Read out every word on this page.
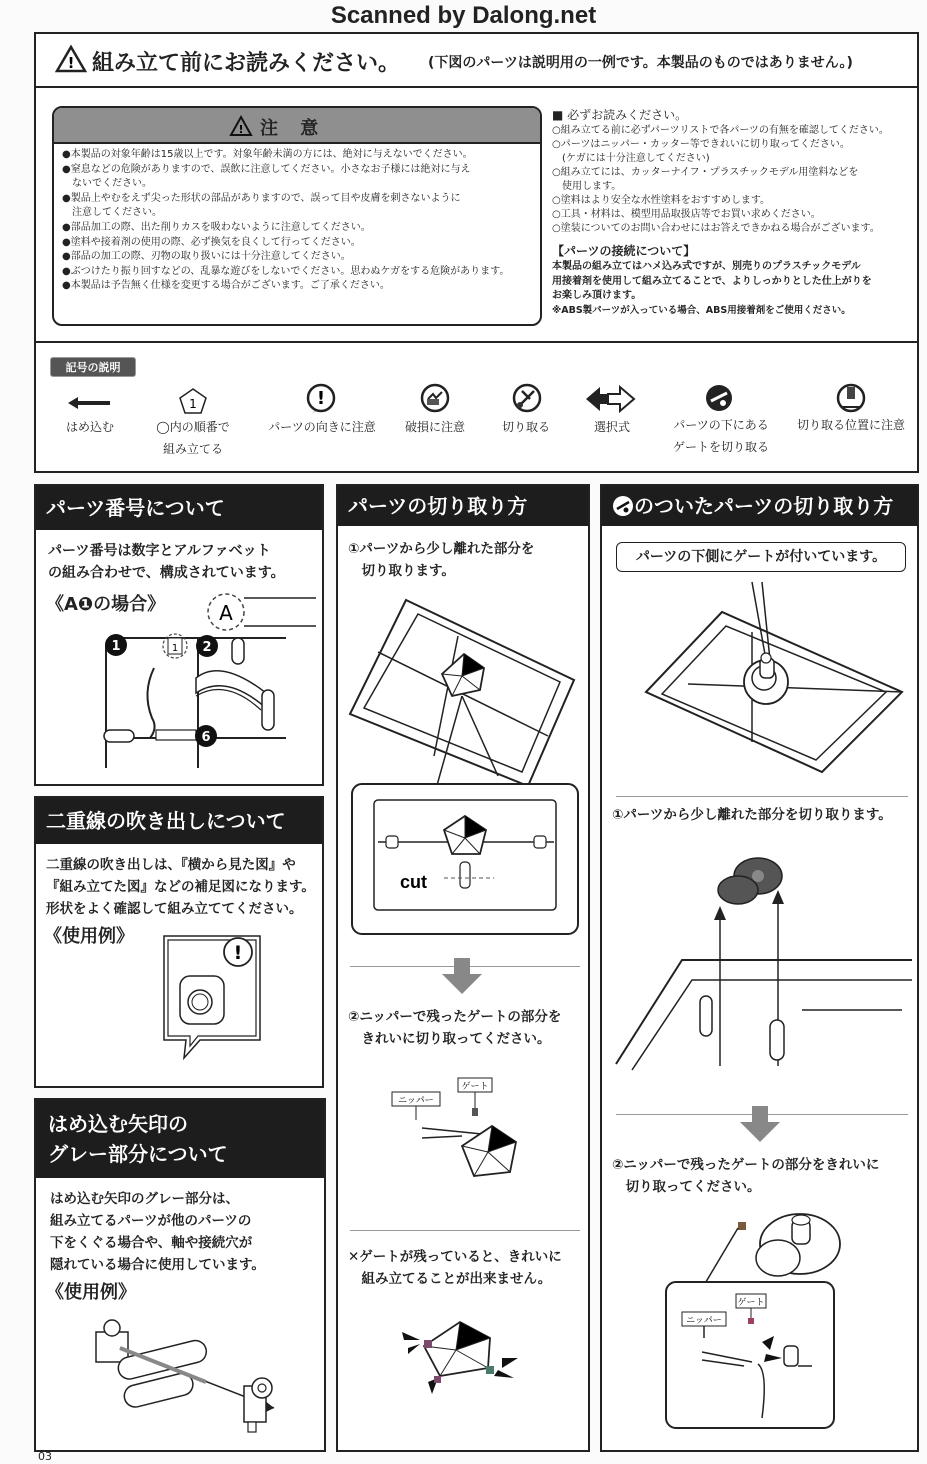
Scanned by Dalong.net
! 組み立て前にお読みください。 (下図のパーツは説明用の一例です。本製品のものではありません。)
! 注 意
●本製品の対象年齢は15歳以上です。対象年齢未満の方には、絶対に与えないでください。
●窒息などの危険がありますので、誤飲に注意してください。小さなお子様には絶対に与え
　ないでください。
●製品上やむをえず尖った形状の部品がありますので、誤って目や皮膚を刺さないように
　注意してください。
●部品加工の際、出た削りカスを吸わないように注意してください。
●塗料や接着剤の使用の際、必ず換気を良くして行ってください。
●部品の加工の際、刃物の取り扱いには十分注意してください。
●ぶつけたり振り回すなどの、乱暴な遊びをしないでください。思わぬケガをする危険があります。
●本製品は予告無く仕様を変更する場合がございます。ご了承ください。
■ 必ずお読みください。
○組み立てる前に必ずパーツリストで各パーツの有無を確認してください。
○パーツはニッパー・カッター等できれいに切り取ってください。
　(ケガには十分注意してください)
○組み立てには、カッターナイフ・プラスチックモデル用塗料などを
　使用します。
○塗料はより安全な水性塗料をおすすめします。
○工具・材料は、模型用品取扱店等でお買い求めください。
○塗装についてのお問い合わせにはお答えできかねる場合がございます。
【パーツの接続について】
本製品の組み立てはハメ込み式ですが、別売りのプラスチックモデル
用接着剤を使用して組み立てることで、よりしっかりとした仕上がりを
お楽しみ頂けます。
※ABS製パーツが入っている場合、ABS用接着剤をご使用ください。
記号の説明
1	!
はめ込む	◯内の順番で
組み立てる
パーツの向きに注意	破損に注意	切り取る	選択式	パーツの下にある
ゲートを切り取る
切り取る位置に注意
パーツ番号について
パーツ番号は数字とアルファベット
の組み合わせで、構成されています。
《A❶の場合》	A
1	2
6
1
二重線の吹き出しについて
二重線の吹き出しは、『横から見た図』や
『組み立てた図』などの補足図になります。
形状をよく確認して組み立ててください。
《使用例》
!
はめ込む矢印の
グレー部分について
はめ込む矢印のグレー部分は、
組み立てるパーツが他のパーツの
下をくぐる場合や、軸や接続穴が
隠れている場合に使用しています。
《使用例》
03
パーツの切り取り方
①パーツから少し離れた部分を
　切り取ります。
cut
②ニッパーで残ったゲートの部分を
　きれいに切り取ってください。
ニッパー
ゲート
✕ゲートが残っていると、きれいに
　組み立てることが出来ません。
のついたパーツの切り取り方
パーツの下側にゲートが付いています。
①パーツから少し離れた部分を切り取ります。
②ニッパーで残ったゲートの部分をきれいに
　切り取ってください。
ニッパー
ゲート
